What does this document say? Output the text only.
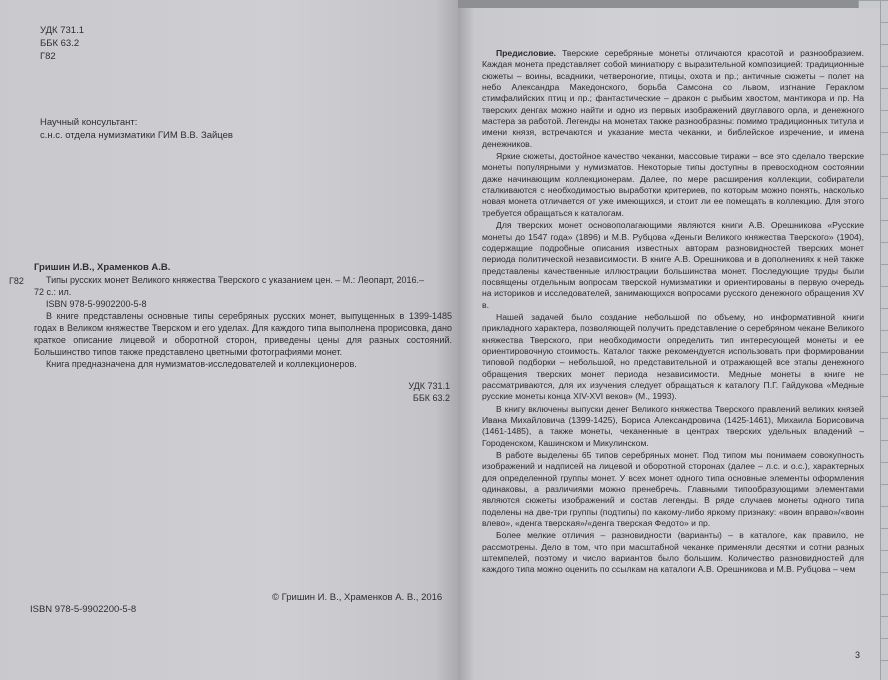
УДК 731.1
ББК 63.2
Г82
Научный консультант:
с.н.с. отдела нумизматики ГИМ В.В. Зайцев
Г82
Гришин И.В., Храменков А.В.
Типы русских монет Великого княжества Тверского с указанием цен. – М.: Леопарт, 2016.–
72 с.: ил.
ISBN 978-5-9902200-5-8

В книге представлены основные типы серебряных русских монет, выпущенных в 1399-1485 годах в Великом княжестве Тверском и его уделах. Для каждого типа выполнена прорисовка, дано краткое описание лицевой и оборотной сторон, приведены цены для разных состояний. Большинство типов также представлено цветными фотографиями монет.

Книга предназначена для нумизматов-исследователей и коллекционеров.

УДК 731.1
ББК 63.2
© Гришин И. В., Храменков А. В., 2016
ISBN 978-5-9902200-5-8

Предисловие. Тверские серебряные монеты отличаются красотой и разнообразием. Каждая монета представляет собой миниатюру с выразительной композицией: традиционные сюжеты – воины, всадники, четвероногие, птицы, охота и пр.; античные сюжеты – полет на небо Александра Македонского, борьба Самсона со львом, изгнание Гераклом стимфалийских птиц и пр.; фантастические – дракон с рыбьим хвостом, мантикора и пр. На тверских денгах можно найти и одно из первых изображений двуглавого орла, и денежного мастера за работой. Легенды на монетах также разнообразны: помимо традиционных титула и имени князя, встречаются и указание места чеканки, и библейское изречение, и имена денежников.

Яркие сюжеты, достойное качество чеканки, массовые тиражи – все это сделало тверские монеты популярными у нумизматов. Некоторые типы доступны в превосходном состоянии даже начинающим коллекционерам. Далее, по мере расширения коллекции, собиратели сталкиваются с необходимостью выработки критериев, по которым можно понять, насколько новая монета отличается от уже имеющихся, и стоит ли ее помещать в коллекцию. Для этого требуется обращаться к каталогам.

Для тверских монет основополагающими являются книги А.В. Орешникова «Русские монеты до 1547 года» (1896) и М.В. Рубцова «Деньги Великого княжества Тверского» (1904), содержащие подробные описания известных авторам разновидностей тверских монет периода политической независимости. В книге А.В. Орешникова и в дополнениях к ней также представлены качественные иллюстрации большинства монет. Последующие труды были посвящены отдельным вопросам тверской нумизматики и ориентированы в первую очередь на историков и исследователей, занимающихся вопросами русского денежного обращения XV в.

Нашей задачей было создание небольшой по объему, но информативной книги прикладного характера, позволяющей получить представление о серебряном чекане Великого княжества Тверского, при необходимости определить тип интересующей монеты и ее ориентировочную стоимость. Каталог также рекомендуется использовать при формировании типовой подборки – небольшой, но представительной и отражающей все этапы денежного обращения тверских монет периода независимости. Медные монеты в книге не рассматриваются, для их изучения следует обращаться к каталогу П.Г. Гайдукова «Медные русские монеты конца XIV-XVI веков» (М., 1993).

В книгу включены выпуски денег Великого княжества Тверского правлений великих князей Ивана Михайловича (1399-1425), Бориса Александровича (1425-1461), Михаила Борисовича (1461-1485), а также монеты, чеканенные в центрах тверских удельных владений – Городенском, Кашинском и Микулинском.

В работе выделены 65 типов серебряных монет. Под типом мы понимаем совокупность изображений и надписей на лицевой и оборотной сторонах (далее – л.с. и о.с.), характерных для определенной группы монет. У всех монет одного типа основные элементы оформления одинаковы, а различиями можно пренебречь. Главными типообразующими элементами являются сюжеты изображений и состав легенды. В ряде случаев монеты одного типа поделены на две-три группы (подтипы) по какому-либо яркому признаку: «воин вправо»/«воин влево», «денга тверская»/«денга тверская Федото» и пр.

Более мелкие отличия – разновидности (варианты) – в каталоге, как правило, не рассмотрены. Дело в том, что при масштабной чеканке применяли десятки и сотни разных штемпелей, поэтому и число вариантов было большим. Количество разновидностей для каждого типа можно оценить по ссылкам на каталоги А.В. Орешникова и М.В. Рубцова – чем

3
